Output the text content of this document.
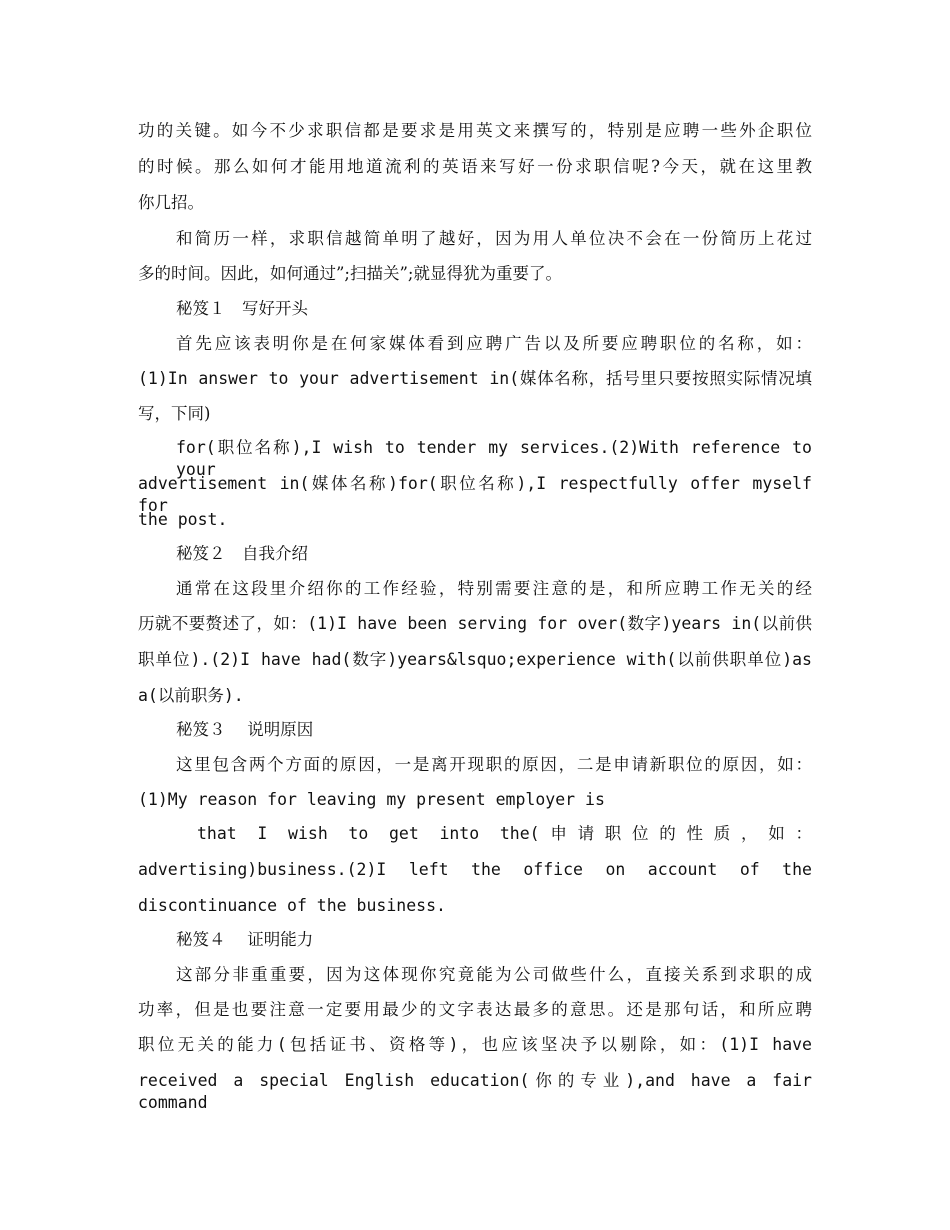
功的关键。如今不少求职信都是要求是用英文来撰写的，特别是应聘一些外企职位
的时候。那么如何才能用地道流利的英语来写好一份求职信呢?今天，就在这里教
你几招。
和简历一样，求职信越简单明了越好，因为用人单位决不会在一份简历上花过
多的时间。因此，如何通过”;扫描关”;就显得犹为重要了。
秘笈１　写好开头
首先应该表明你是在何家媒体看到应聘广告以及所要应聘职位的名称，如：
(1)In answer to your advertisement in(媒体名称，括号里只要按照实际情况填
写，下同)
for(职位名称),I wish to tender my services.(2)With reference to your
advertisement in(媒体名称)for(职位名称),I respectfully offer myself for
the post.
秘笈２　自我介绍
通常在这段里介绍你的工作经验，特别需要注意的是，和所应聘工作无关的经
历就不要赘述了，如：(1)I have been serving for over(数字)years in(以前供
职单位).(2)I have had(数字)years&lsquo;experience with(以前供职单位)as
a(以前职务).
秘笈３　 说明原因
这里包含两个方面的原因，一是离开现职的原因，二是申请新职位的原因，如：
(1)My reason for leaving my present employer is
that I wish to get into the(申请职位的性质，如：
advertising)business.(2)I left the office on account of the
discontinuance of the business.
秘笈４　 证明能力
这部分非重重要，因为这体现你究竟能为公司做些什么，直接关系到求职的成
功率，但是也要注意一定要用最少的文字表达最多的意思。还是那句话，和所应聘
职位无关的能力(包括证书、资格等)，也应该坚决予以剔除，如：(1)I have
received a special English education(你的专业),and have a fair command
